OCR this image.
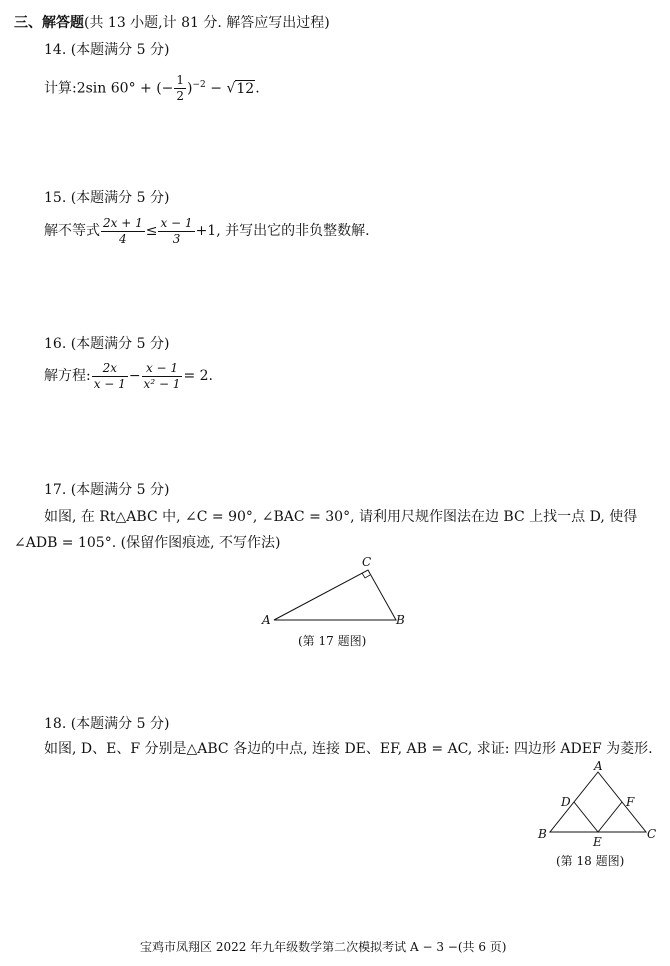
三、解答题(共 13 小题,计 81 分. 解答应写出过程)
14. (本题满分 5 分)
计算:2sin 60° + (− $\frac{1}{2} )^{-2} - √12$.
15. (本题满分 5 分)
解不等式 $\frac{2x + 1}{4} \le \frac{x - 1}{3} +1$, 并写出它的非负整数解.
16. (本题满分 5 分)
解方程: $\frac{2x}{x - 1} - \frac{x - 1}{\text{x² − 1}} = 2$.
17. (本题满分 5 分)
如图, 在 Rt△ABC 中, ∠C = 90°, ∠BAC = 30°, 请利用尺规作图法在边 BC 上找一点 D, 使得
∠ADB = 105°. (保留作图痕迹, 不写作法)
A
C
B
(第 17 题图)
18. (本题满分 5 分)
如图, D、E、F 分别是△ABC 各边的中点, 连接 DE、EF, AB = AC, 求证: 四边形 ADEF 为菱形.
A
D	F
B
E
C
(第 18 题图)
宝鸡市凤翔区 2022 年九年级数学第二次模拟考试 A − 3 −(共 6 页)
